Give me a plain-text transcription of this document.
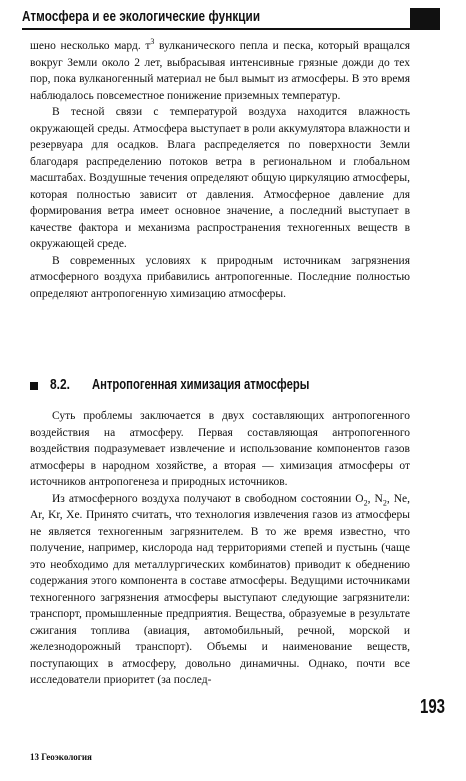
Атмосфера и ее экологические функции

шено несколько мард. $т^3$ вулканического пепла и песка, который вращался вокруг Земли около 2 лет, выбрасывая интенсивные грязные дожди до тех пор, пока вулканогенный материал не был вымыт из атмосферы. В это время наблюдалось повсеместное понижение приземных температур.

В тесной связи с температурой воздуха находится влажность окружающей среды. Атмосфера выступает в роли аккумулятора влажности и резервуара для осадков. Влага распределяется по поверхности Земли благодаря распределению потоков ветра в региональном и глобальном масштабах. Воздушные течения определяют общую циркуляцию атмосферы, которая полностью зависит от давления. Атмосферное давление для формирования ветра имеет основное значение, а последний выступает в качестве фактора и механизма распространения техногенных веществ в окружающей среде.

В современных условиях к природным источникам загрязнения атмосферного воздуха прибавились антропогенные. Последние полностью определяют антропогенную химизацию атмосферы.

8.2. Антропогенная химизация атмосферы

Суть проблемы заключается в двух составляющих антропогенного воздействия на атмосферу. Первая составляющая антропогенного воздействия подразумевает извлечение и использование компонентов газов атмосферы в народном хозяйстве, а вторая — химизация атмосферы от источников антропогенеза и природных источников.

Из атмосферного воздуха получают в свободном состоянии $O_2$, $N_2$, Ne, Ar, Kr, Xe. Принято считать, что технология извлечения газов из атмосферы не является техногенным загрязнителем. В то же время известно, что получение, например, кислорода над территориями степей и пустынь (чаще это необходимо для металлургических комбинатов) приводит к обеднению содержания этого компонента в составе атмосферы. Ведущими источниками техногенного загрязнения атмосферы выступают следующие загрязнители: транспорт, промышленные предприятия. Вещества, образуемые в результате сжигания топлива (авиация, автомобильный, речной, морской и железнодорожный транспорт). Объемы и наименование веществ, поступающих в атмосферу, довольно динамичны. Однако, почти все исследователи приоритет (за послед-

193
13 Геоэкология
